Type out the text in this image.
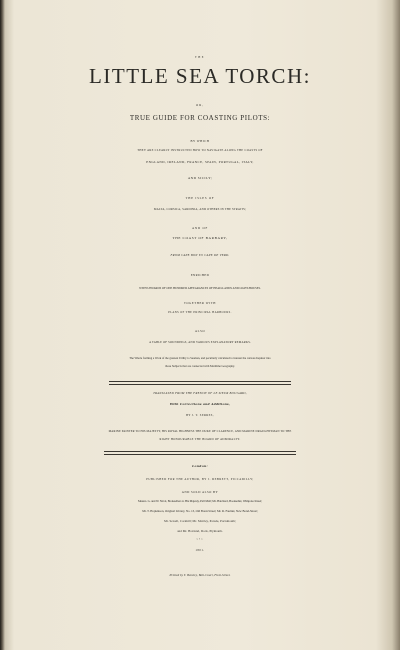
THE
LITTLE SEA TORCH:
OR,
TRUE GUIDE FOR COASTING PILOTS:
BY WHICH
THEY ARE CLEARLY INSTRUCTED HOW TO NAVIGATE ALONG THE COASTS OF
ENGLAND, IRELAND, FRANCE, SPAIN, PORTUGAL, ITALY,
AND SICILY;
THE ISLES OF
MALTA, CORSICA, SARDINIA, AND OTHERS IN THE STRAITS;
AND OF
THE COAST OF BARBARY,
FROM CAPE BON TO CAPE DE VERD.
ENRICHED
WITH UPWARDS OF ONE HUNDRED APPEARANCES OF HEAD-LANDS AND LIGHT-HOUSES.
TOGETHER WITH
PLANS OF THE PRINCIPAL HARBOURS.
ALSO
A TABLE OF SOUNDINGS, AND VARIOUS EXPLANATORY REMARKS.
The Whole forming a Work of the greatest Utility to Seamen, and peculiarly calculated to interest the curious Inquirer into
those Subjects that are connected with Maritime Geography.
TRANSLATED FROM THE FRENCH OF LE SIEUR BOUGARD,
With Corrections and Additions,
BY J. T. SERRES,
MARINE PAINTER TO HIS MAJESTY, HIS ROYAL HIGHNESS THE DUKE OF CLARENCE, AND MARINE DRAUGHTSMAN TO THE
RIGHT HONOURABLE THE BOARD OF ADMIRALTY.
London:
PUBLISHED FOR THE AUTHOR, BY J. DEBRETT, PICCADILLY;
AND SOLD ALSO BY
Messrs. G. and W. Nicol, Booksellers to His Majesty, Pall Mall; Mr. Hatchard, Bookseller, Wimpole-Street;
Mr. T. Hopkinson, Original Library, No. 13, Old Bond-Street; Mr. R. Faulder, New Bond-Street;
Mr. Sewell, Cornhill; Mr. Mottley, Parade, Portsmouth;
and Mr. Hoxland, Dock, Plymouth.
~•~
1801.
Printed by T. Bensley, Bolt-Court, Fleet-Street.
